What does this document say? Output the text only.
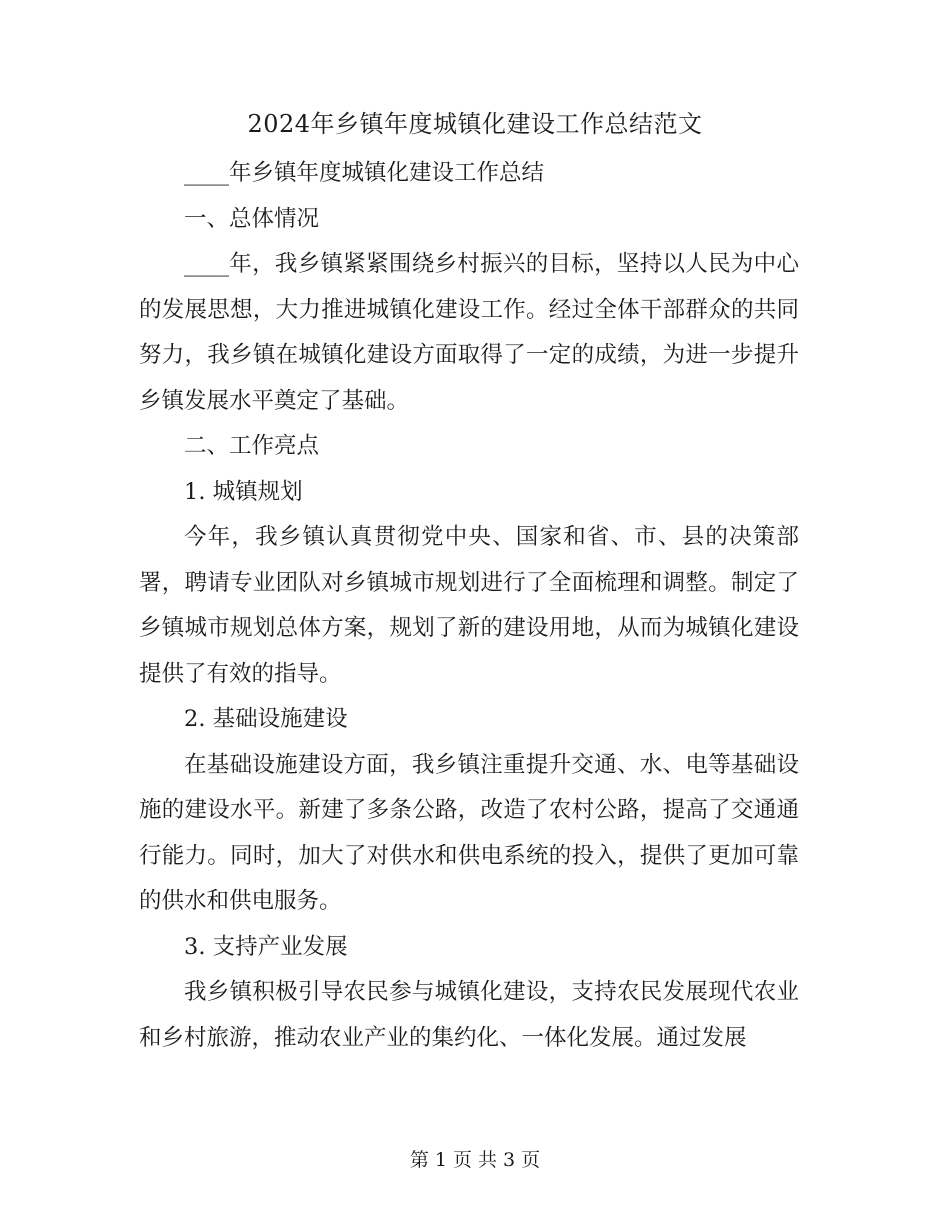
2024年乡镇年度城镇化建设工作总结范文

____年乡镇年度城镇化建设工作总结

一、总体情况

____年，我乡镇紧紧围绕乡村振兴的目标，坚持以人民为中心的发展思想，大力推进城镇化建设工作。经过全体干部群众的共同努力，我乡镇在城镇化建设方面取得了一定的成绩，为进一步提升乡镇发展水平奠定了基础。

二、工作亮点

1. 城镇规划

今年，我乡镇认真贯彻党中央、国家和省、市、县的决策部署，聘请专业团队对乡镇城市规划进行了全面梳理和调整。制定了乡镇城市规划总体方案，规划了新的建设用地，从而为城镇化建设提供了有效的指导。

2. 基础设施建设

在基础设施建设方面，我乡镇注重提升交通、水、电等基础设施的建设水平。新建了多条公路，改造了农村公路，提高了交通通行能力。同时，加大了对供水和供电系统的投入，提供了更加可靠的供水和供电服务。

3. 支持产业发展

我乡镇积极引导农民参与城镇化建设，支持农民发展现代农业和乡村旅游，推动农业产业的集约化、一体化发展。通过发展

第 1 页 共 3 页
